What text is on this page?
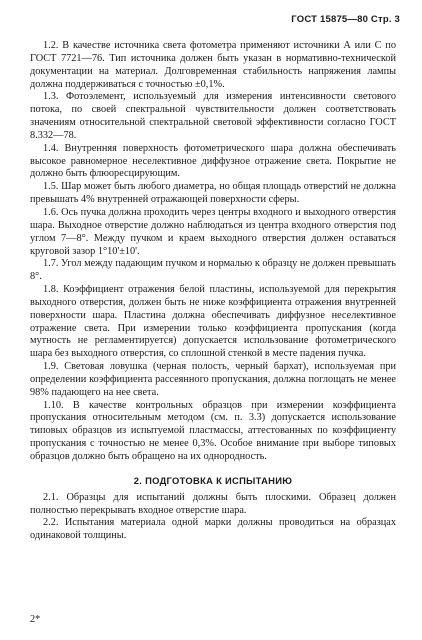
ГОСТ 15875—80 Стр. 3

1.2. В качестве источника света фотометра применяют источники А или С по ГОСТ 7721—76. Тип источника должен быть указан в нормативно-технической документации на материал. Долговременная стабильность напряжения лампы должна поддерживаться с точностью ±0,1%.

1.3. Фотоэлемент, используемый для измерения интенсивности светового потока, по своей спектральной чувствительности должен соответствовать значениям относительной спектральной световой эффективности согласно ГОСТ 8.332—78.

1.4. Внутренняя поверхность фотометрического шара должна обеспечивать высокое равномерное неселективное диффузное отражение света. Покрытие не должно быть флюоресцирующим.

1.5. Шар может быть любого диаметра, но общая площадь отверстий не должна превышать 4% внутренней отражающей поверхности сферы.

1.6. Ось пучка должна проходить через центры входного и выходного отверстия шара. Выходное отверстие должно наблюдаться из центра входного отверстия под углом 7—8°. Между пучком и краем выходного отверстия должен оставаться круговой зазор 1°10'±10'.

1.7. Угол между падающим пучком и нормалью к образцу не должен превышать 8°.

1.8. Коэффициент отражения белой пластины, используемой для перекрытия выходного отверстия, должен быть не ниже коэффициента отражения внутренней поверхности шара. Пластина должна обеспечивать диффузное неселективное отражение света. При измерении только коэффициента пропускания (когда мутность не регламентируется) допускается использование фотометрического шара без выходного отверстия, со сплошной стенкой в месте падения пучка.

1.9. Световая ловушка (черная полость, черный бархат), используемая при определении коэффициента рассеянного пропускания, должна поглощать не менее 98% падающего на нее света.

1.10. В качестве контрольных образцов при измерении коэффициента пропускания относительным методом (см. п. 3.3) допускается использование типовых образцов из испытуемой пластмассы, аттестованных по коэффициенту пропускания с точностью не менее 0,3%. Особое внимание при выборе типовых образцов должно быть обращено на их однородность.

2. ПОДГОТОВКА К ИСПЫТАНИЮ

2.1. Образцы для испытаний должны быть плоскими. Образец должен полностью перекрывать входное отверстие шара.

2.2. Испытания материала одной марки должны проводиться на образцах одинаковой толщины.

2*
